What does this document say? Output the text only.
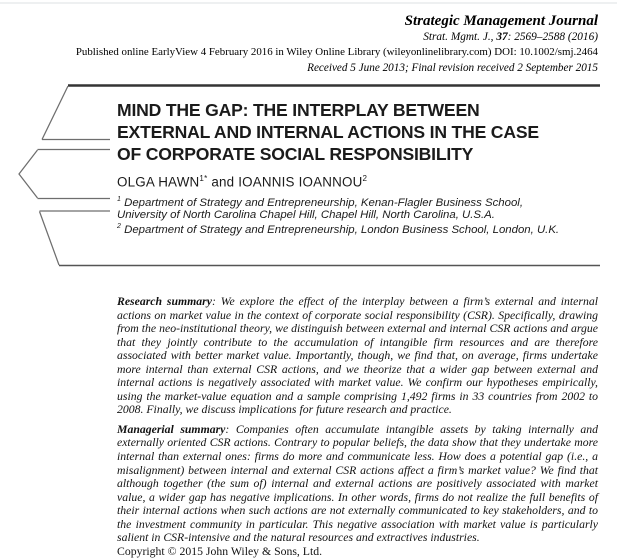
Strategic Management Journal
Strat. Mgmt. J., 37: 2569–2588 (2016)
Published online EarlyView 4 February 2016 in Wiley Online Library (wileyonlinelibrary.com) DOI: 10.1002/smj.2464
Received 5 June 2013; Final revision received 2 September 2015
MIND THE GAP: THE INTERPLAY BETWEEN
EXTERNAL AND INTERNAL ACTIONS IN THE CASE
OF CORPORATE SOCIAL RESPONSIBILITY
OLGA $HAWN^{1*}$ and IOANNIS IOANNOU$^2$
$^1$ Department of Strategy and Entrepreneurship, Kenan-Flagler Business School, University of North Carolina Chapel Hill, Chapel Hill, North Carolina, U.S.A.
$^2$ Department of Strategy and Entrepreneurship, London Business School, London, U.K.

Research summary: We explore the effect of the interplay between a firm’s external and internal actions on market value in the context of corporate social responsibility (CSR). Specifically, drawing from the neo-institutional theory, we distinguish between external and internal CSR actions and argue that they jointly contribute to the accumulation of intangible firm resources and are therefore associated with better market value. Importantly, though, we find that, on average, firms undertake more internal than external CSR actions, and we theorize that a wider gap between external and internal actions is negatively associated with market value. We confirm our hypotheses empirically, using the market-value equation and a sample comprising 1,492 firms in 33 countries from 2002 to 2008. Finally, we discuss implications for future research and practice.

Managerial summary: Companies often accumulate intangible assets by taking internally and externally oriented CSR actions. Contrary to popular beliefs, the data show that they undertake more internal than external ones: firms do more and communicate less. How does a potential gap (i.e., a misalignment) between internal and external CSR actions affect a firm’s market value? We find that although together (the sum of) internal and external actions are positively associated with market value, a wider gap has negative implications. In other words, firms do not realize the full benefits of their internal actions when such actions are not externally communicated to key stakeholders, and to the investment community in particular. This negative association with market value is particularly salient in CSR-intensive and the natural resources and extractives industries.

Copyright © 2015 John Wiley & Sons, Ltd.
